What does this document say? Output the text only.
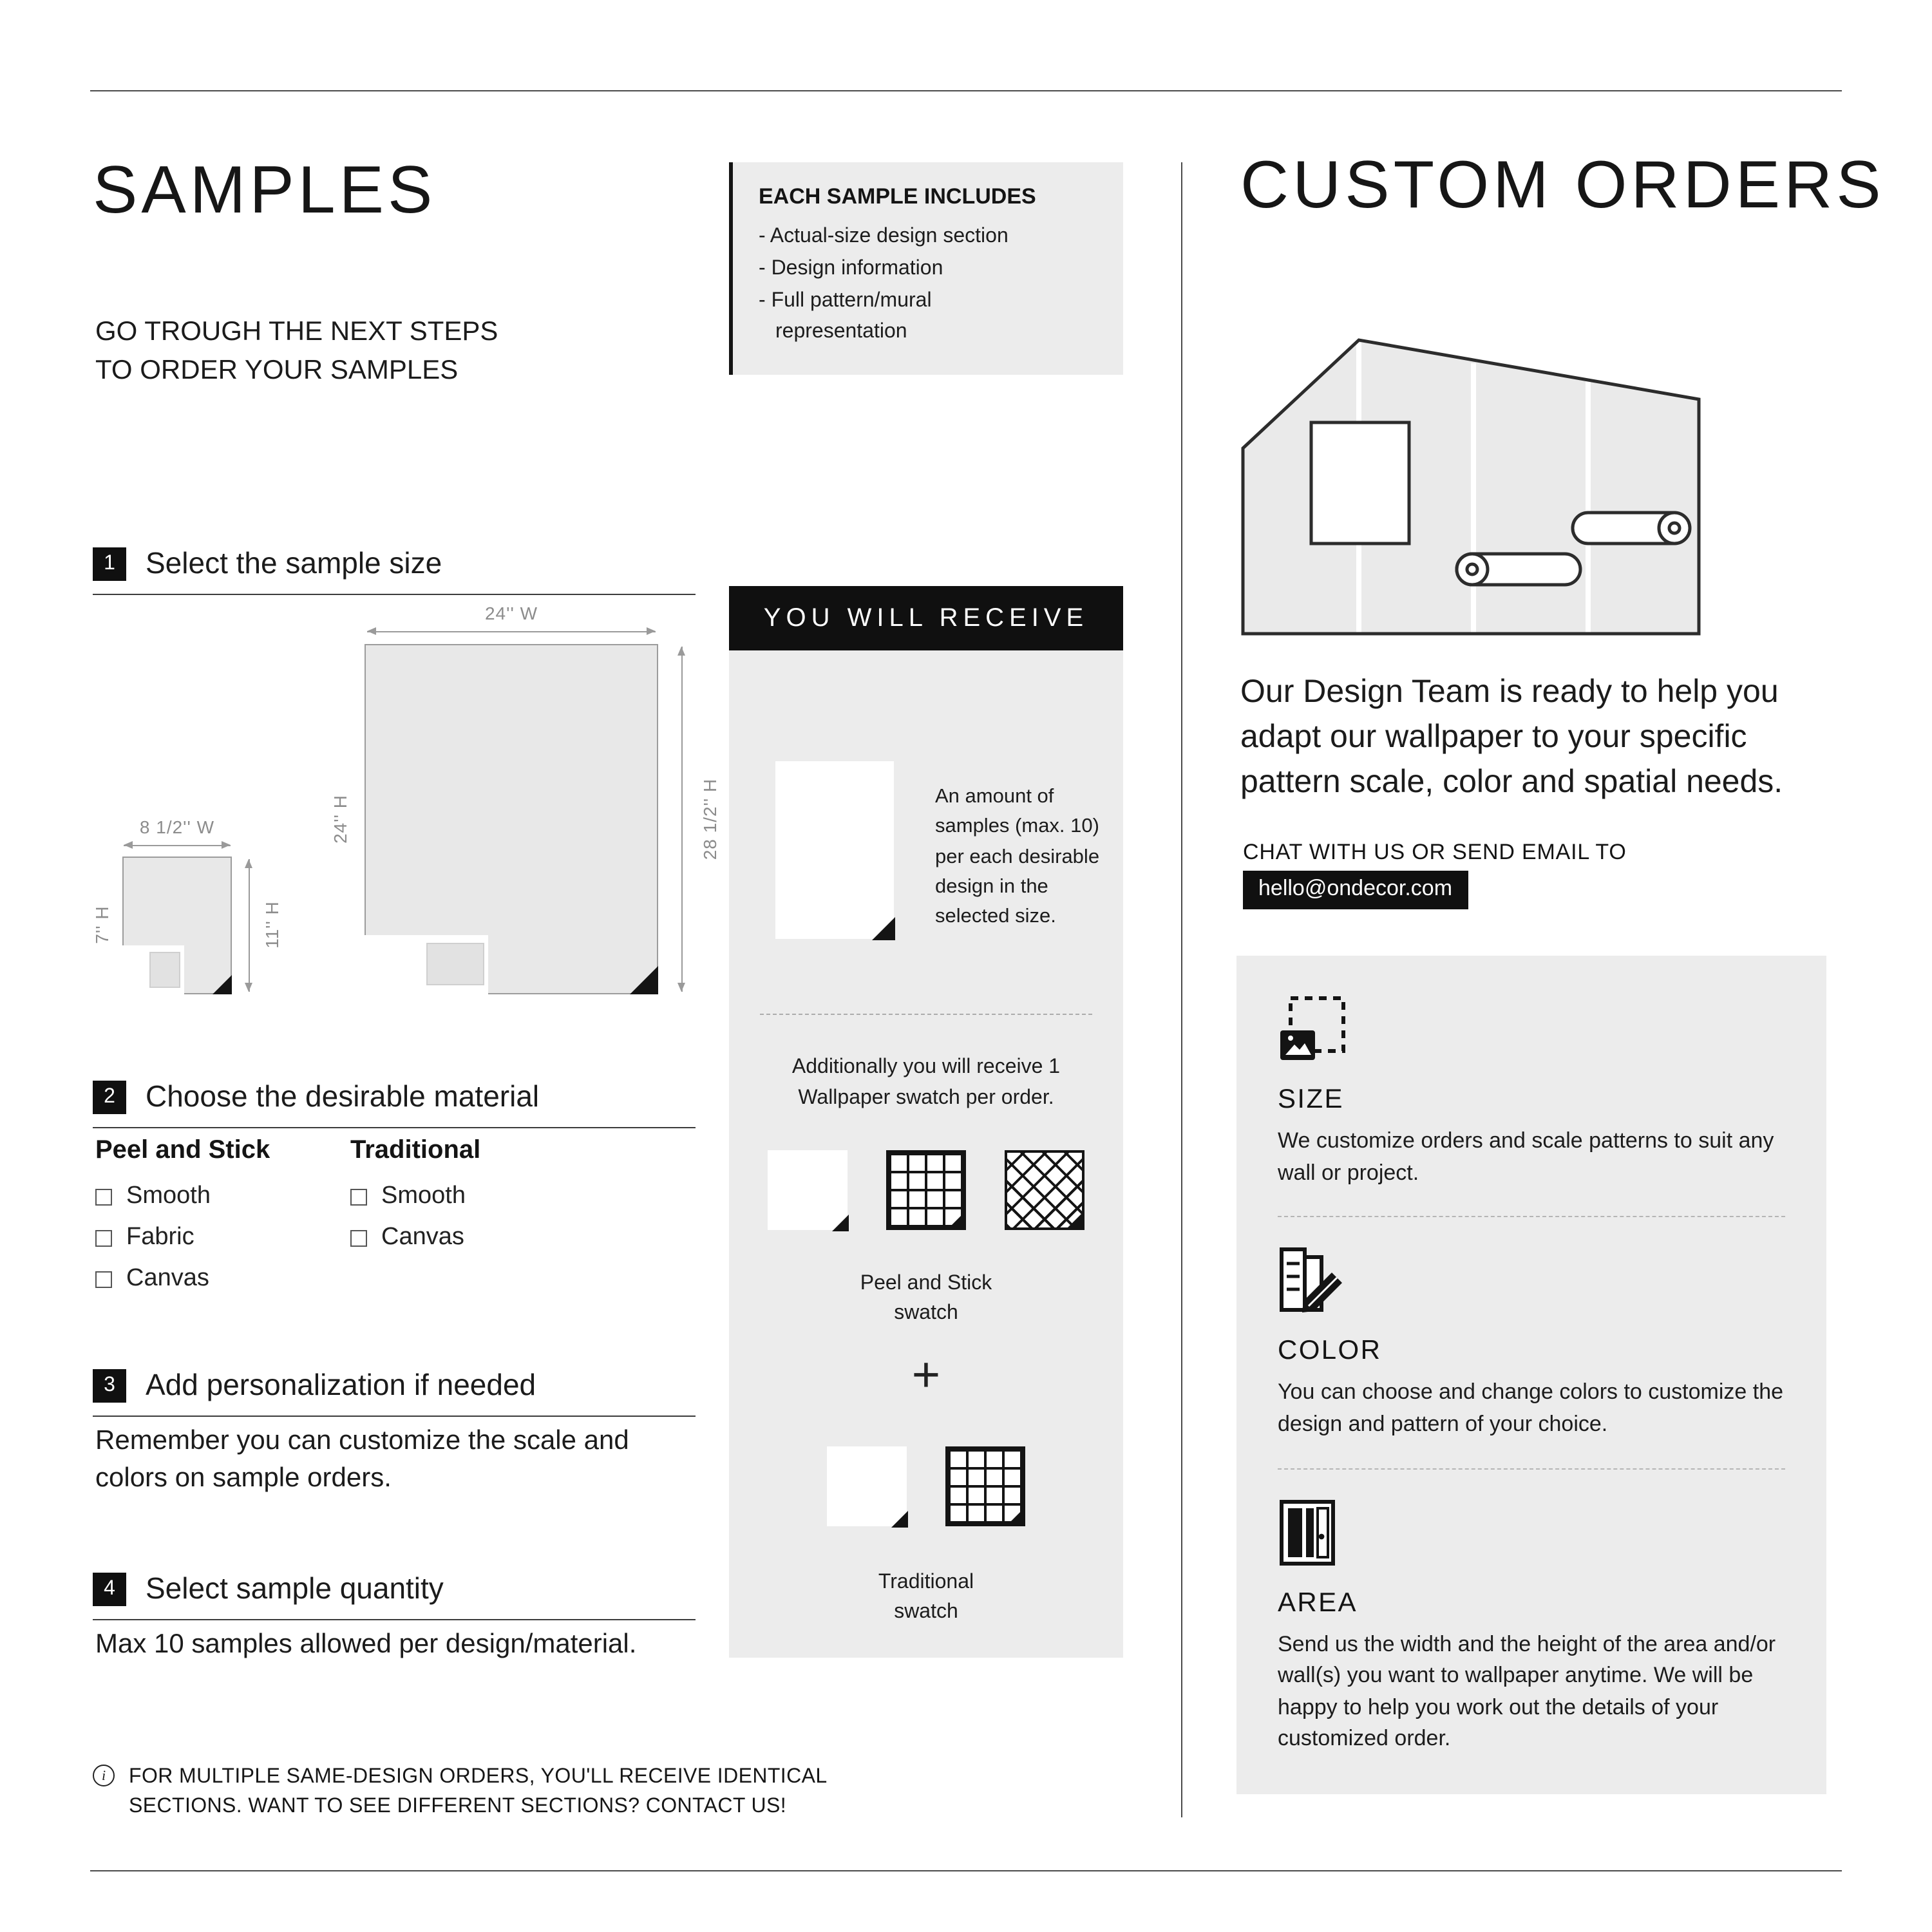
SAMPLES
GO TROUGH THE NEXT STEPS
TO ORDER YOUR SAMPLES
EACH SAMPLE INCLUDES
- Actual-size design section
- Design information
- Full pattern/mural representation
1	Select the sample size
24'' W
24'' H	28 1/2'' H
8 1/2'' W
7'' H	11'' H
2	Choose the desirable material
Peel and Stick
Smooth
Fabric
Canvas
Traditional
Smooth
Canvas
3	Add personalization if needed
Remember you can customize the scale and colors on sample orders.
4	Select sample quantity
Max 10 samples allowed per design/material.
i
FOR MULTIPLE SAME-DESIGN ORDERS, YOU'LL RECEIVE IDENTICAL SECTIONS. WANT TO SEE DIFFERENT SECTIONS? CONTACT US!
YOU WILL RECEIVE
An amount of samples (max. 10) per each desirable design in the selected size.
Additionally you will receive 1 Wallpaper swatch per order.
Peel and Stick swatch
+
Traditional swatch
CUSTOM ORDERS
Our Design Team is ready to help you adapt our wallpaper to your specific pattern scale, color and spatial needs.
CHAT WITH US OR SEND EMAIL TO
hello@ondecor.com
SIZE
We customize orders and scale patterns to suit any wall or project.
COLOR
You can choose and change colors to customize the design and pattern of your choice.
AREA
Send us the width and the height of the area and/or wall(s) you want to wallpaper anytime. We will be happy to help you work out the details of your customized order.
